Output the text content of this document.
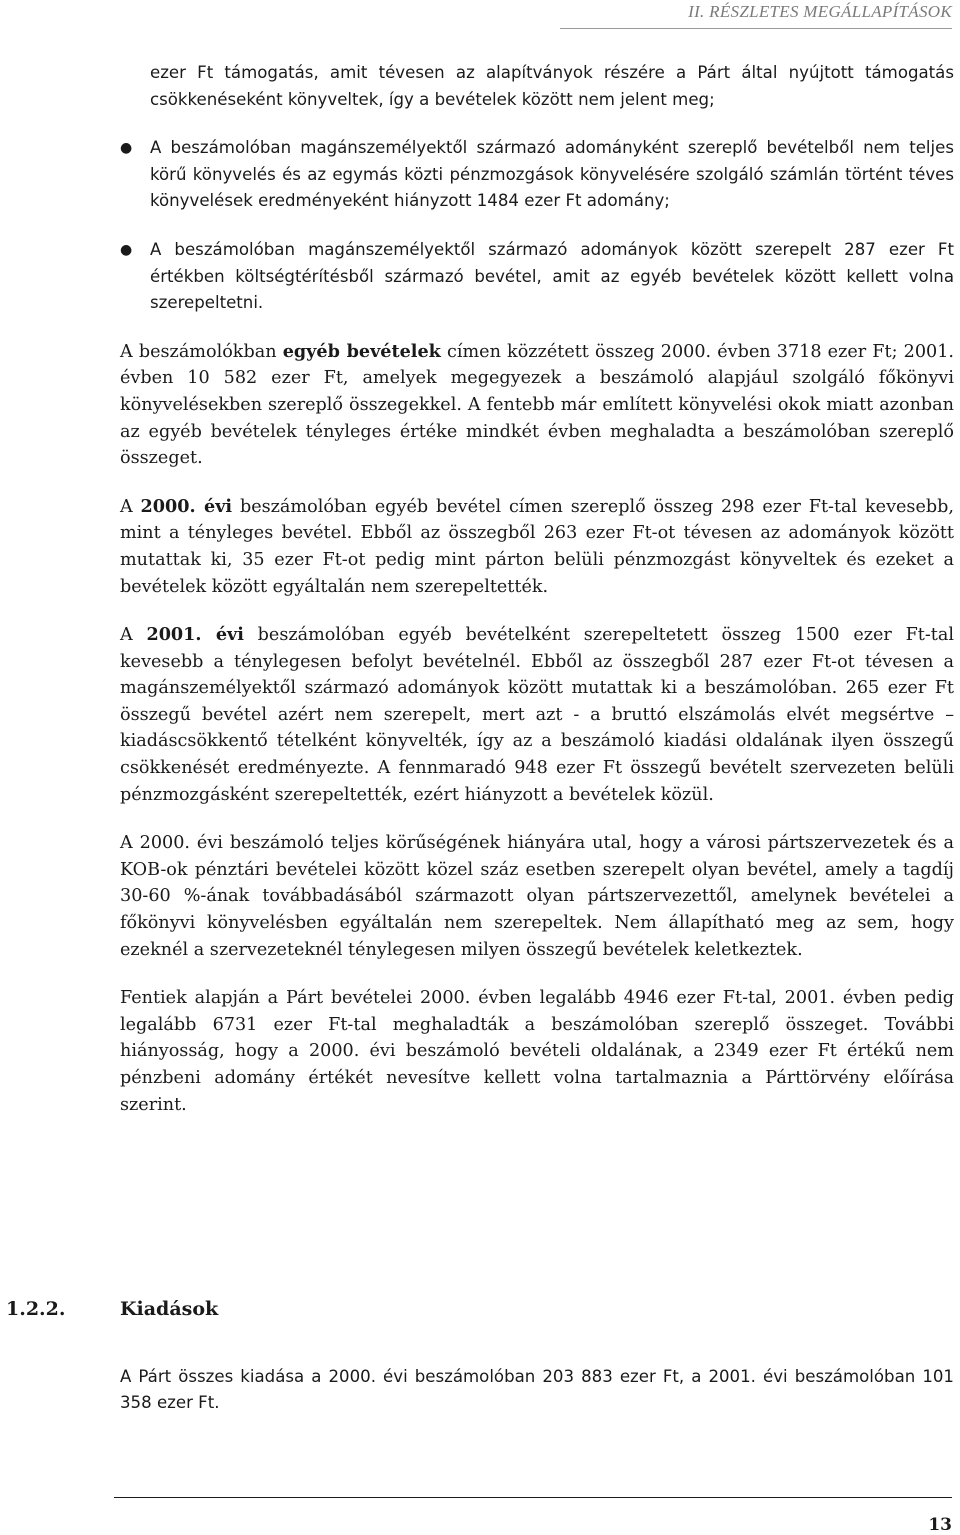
II. RÉSZLETES MEGÁLLAPÍTÁSOK

ezer Ft támogatás, amit tévesen az alapítványok részére a Párt által nyújtott támogatás csökkenéseként könyveltek, így a bevételek között nem jelent meg;

● A beszámolóban magánszemélyektől származó adományként szereplő bevételből nem teljes körű könyvelés és az egymás közti pénzmozgások könyvelésére szolgáló számlán történt téves könyvelések eredményeként hiányzott 1484 ezer Ft adomány;
● A beszámolóban magánszemélyektől származó adományok között szerepelt 287 ezer Ft értékben költségtérítésből származó bevétel, amit az egyéb bevételek között kellett volna szerepeltetni.

A beszámolókban egyéb bevételek címen közzétett összeg 2000. évben 3718 ezer Ft; 2001. évben 10 582 ezer Ft, amelyek megegyezek a beszámoló alapjául szolgáló főkönyvi könyvelésekben szereplő összegekkel. A fentebb már említett könyvelési okok miatt azonban az egyéb bevételek tényleges értéke mindkét évben meghaladta a beszámolóban szereplő összeget.

A 2000. évi beszámolóban egyéb bevétel címen szereplő összeg 298 ezer Ft-tal kevesebb, mint a tényleges bevétel. Ebből az összegből 263 ezer Ft-ot tévesen az adományok között mutattak ki, 35 ezer Ft-ot pedig mint párton belüli pénzmozgást könyveltek és ezeket a bevételek között egyáltalán nem szerepeltették.

A 2001. évi beszámolóban egyéb bevételként szerepeltetett összeg 1500 ezer Ft-tal kevesebb a ténylegesen befolyt bevételnél. Ebből az összegből 287 ezer Ft-ot tévesen a magánszemélyektől származó adományok között mutattak ki a beszámolóban. 265 ezer Ft összegű bevétel azért nem szerepelt, mert azt - a bruttó elszámolás elvét megsértve – kiadáscsökkentő tételként könyvelték, így az a beszámoló kiadási oldalának ilyen összegű csökkenését eredményezte. A fennmaradó 948 ezer Ft összegű bevételt szervezeten belüli pénzmozgásként szerepeltették, ezért hiányzott a bevételek közül.

A 2000. évi beszámoló teljes körűségének hiányára utal, hogy a városi pártszervezetek és a KOB-ok pénztári bevételei között közel száz esetben szerepelt olyan bevétel, amely a tagdíj 30-60 %-ának továbbadásából származott olyan pártszervezettől, amelynek bevételei a főkönyvi könyvelésben egyáltalán nem szerepeltek. Nem állapítható meg az sem, hogy ezeknél a szervezeteknél ténylegesen milyen összegű bevételek keletkeztek.

Fentiek alapján a Párt bevételei 2000. évben legalább 4946 ezer Ft-tal, 2001. évben pedig legalább 6731 ezer Ft-tal meghaladták a beszámolóban szereplő összeget. További hiányosság, hogy a 2000. évi beszámoló bevételi oldalának, a 2349 ezer Ft értékű nem pénzbeni adomány értékét nevesítve kellett volna tartalmaznia a Párttörvény előírása szerint.

1.2.2.	Kiadások

A Párt összes kiadása a 2000. évi beszámolóban 203 883 ezer Ft, a 2001. évi beszámolóban 101 358 ezer Ft.

13
